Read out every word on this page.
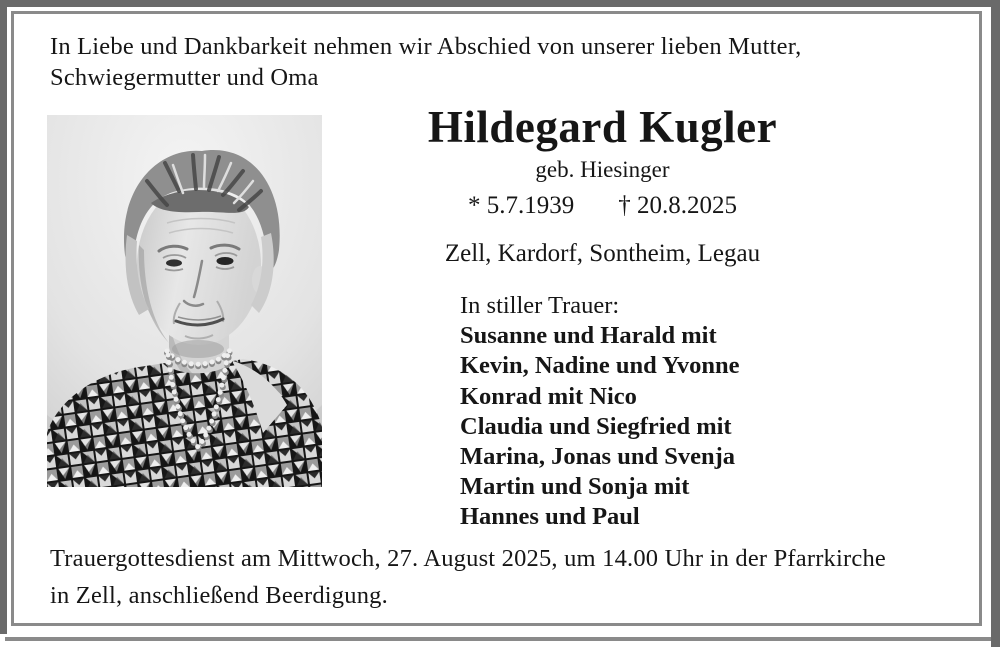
In Liebe und Dankbarkeit nehmen wir Abschied von unserer lieben Mutter, Schwiegermutter und Oma
Hildegard Kugler
geb. Hiesinger
* 5.7.1939 † 20.8.2025
Zell, Kardorf, Sontheim, Legau
In stiller Trauer:
Susanne und Harald mit
Kevin, Nadine und Yvonne
Konrad mit Nico
Claudia und Siegfried mit
Marina, Jonas und Svenja
Martin und Sonja mit
Hannes und Paul
Trauergottesdienst am Mittwoch, 27. August 2025, um 14.00 Uhr in der Pfarrkirche in Zell, anschließend Beerdigung.
